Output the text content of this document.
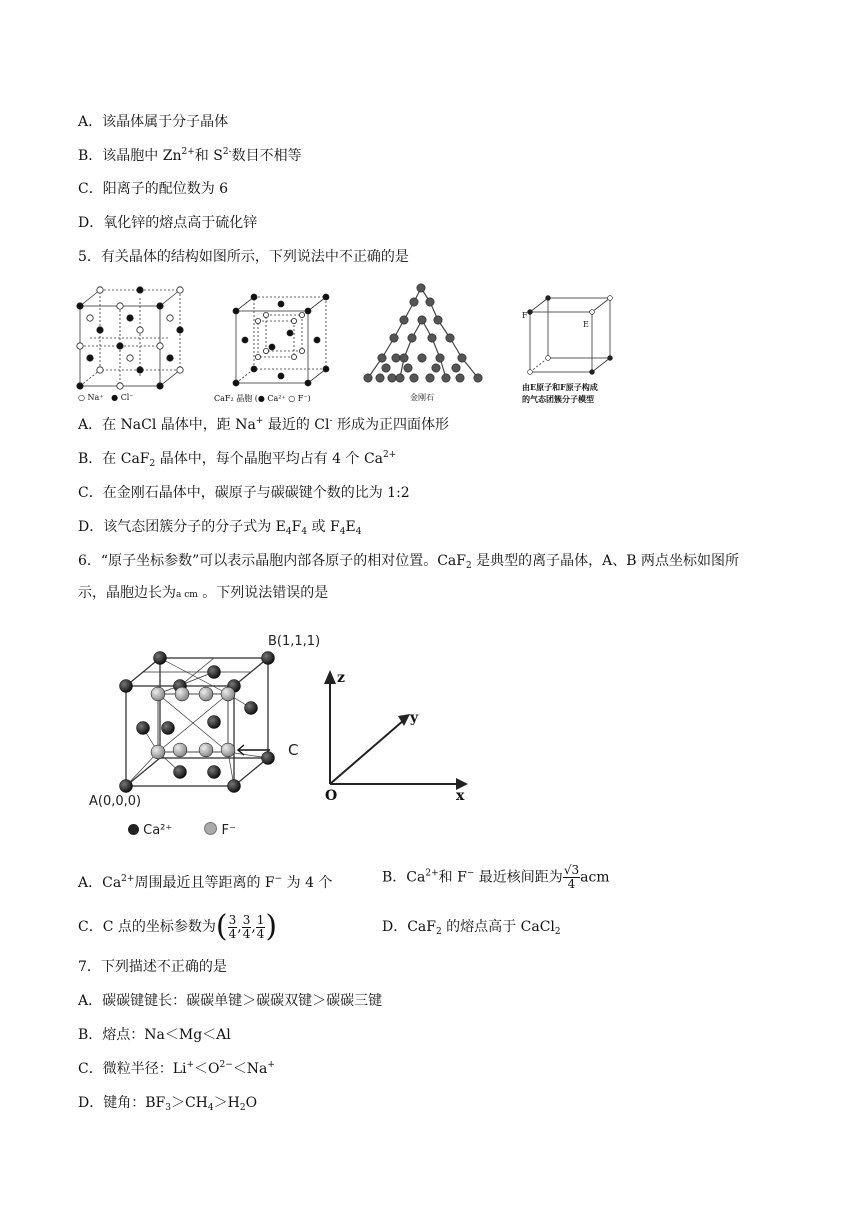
A．该晶体属于分子晶体
B．该晶胞中 $Zn^{2+}$和 $S^{2-}$数目不相等
C．阳离子的配位数为 6
D．氧化锌的熔点高于硫化锌
5．有关晶体的结构如图所示，下列说法中不正确的是
○ Na⁺   ● Cl⁻	CaF₂ 晶胞 (● Ca²⁺ ○ F⁻)	金刚石
F
E
由E原子和F原子构成
的气态团簇分子模型
A．在 NaCl 晶体中，距 Na+ 最近的 Cl- 形成为正四面体形
B．在 CaF$_2$ 晶体中，每个晶胞平均占有 4 个 $Ca^{2+}$
C．在金刚石晶体中，碳原子与碳碳键个数的比为 1:2
D．该气态团簇分子的分子式为 $E_4F_4$ 或 $F_4E_4$
6．“原子坐标参数”可以表示晶胞内部各原子的相对位置。CaF$_2$ 是典型的离子晶体，A、B 两点坐标如图所
示，晶胞边长为a cm 。下列说法错误的是
B(1,1,1)
A(0,0,0)
C
Ca²⁺	F⁻
z
y
x
O
A．$Ca^{2+}$周围最近且等距离的 F− 为 4 个	B．$Ca^{2+}$和 F− 最近核间距为 $\frac{√3}{4}$ acm
C．C 点的坐标参数为( $\frac{3}{4}$ , $\frac{3}{4}$ , $\frac{1}{4}$ )	D．CaF$_2$ 的熔点高于 CaCl$_2$
7．下列描述不正确的是
A．碳碳键键长：碳碳单键＞碳碳双键＞碳碳三键
B．熔点：Na＜Mg＜Al
C．微粒半径：$Li^+<O^{2-}<Na^+$
D．键角：$BF_3>CH_4>H_2O$
